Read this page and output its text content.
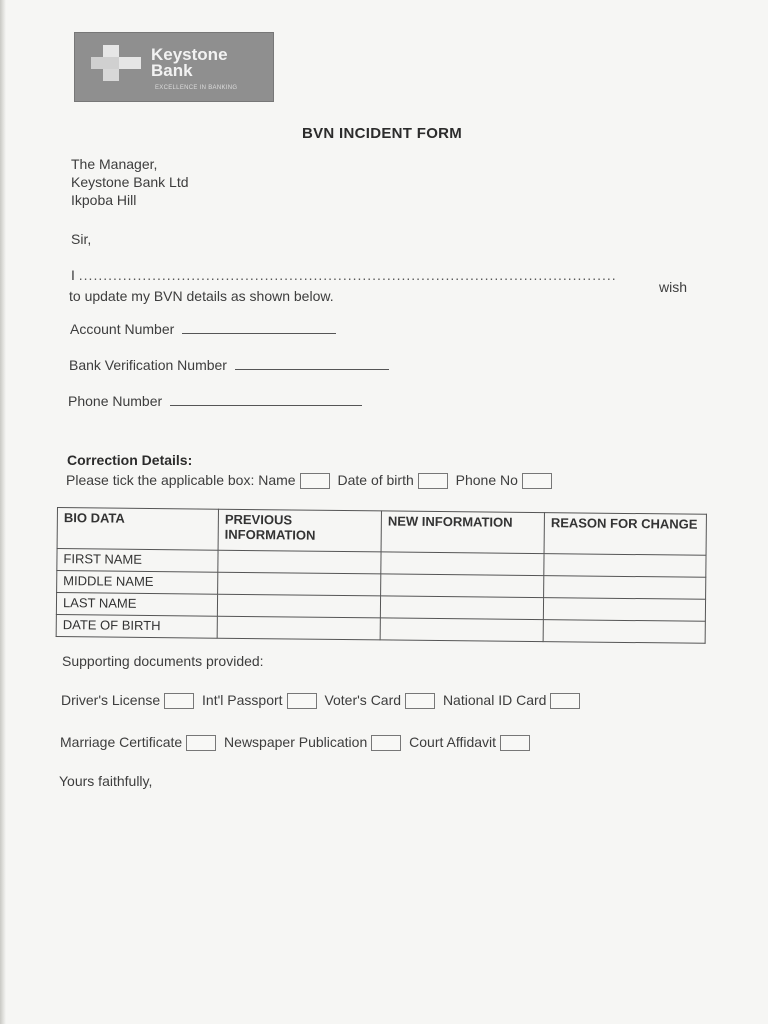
Keystone
Bank
EXCELLENCE IN BANKING
BVN INCIDENT FORM
The Manager,
Keystone Bank Ltd
Ikpoba Hill
Sir,
I ..............................................................................................................
wish
to update my BVN details as shown below.
Account Number
Bank Verification Number
Phone Number
Correction Details:
Please tick the applicable box: Name	Date of birth	Phone No
BIO DATA	PREVIOUS INFORMATION	NEW INFORMATION	REASON FOR CHANGE
FIRST NAME			
MIDDLE NAME			
LAST NAME			
DATE OF BIRTH			
Supporting documents provided:
Driver's License	Int'l Passport	Voter's Card	National ID Card
Marriage Certificate	Newspaper Publication	Court Affidavit
Yours faithfully,
